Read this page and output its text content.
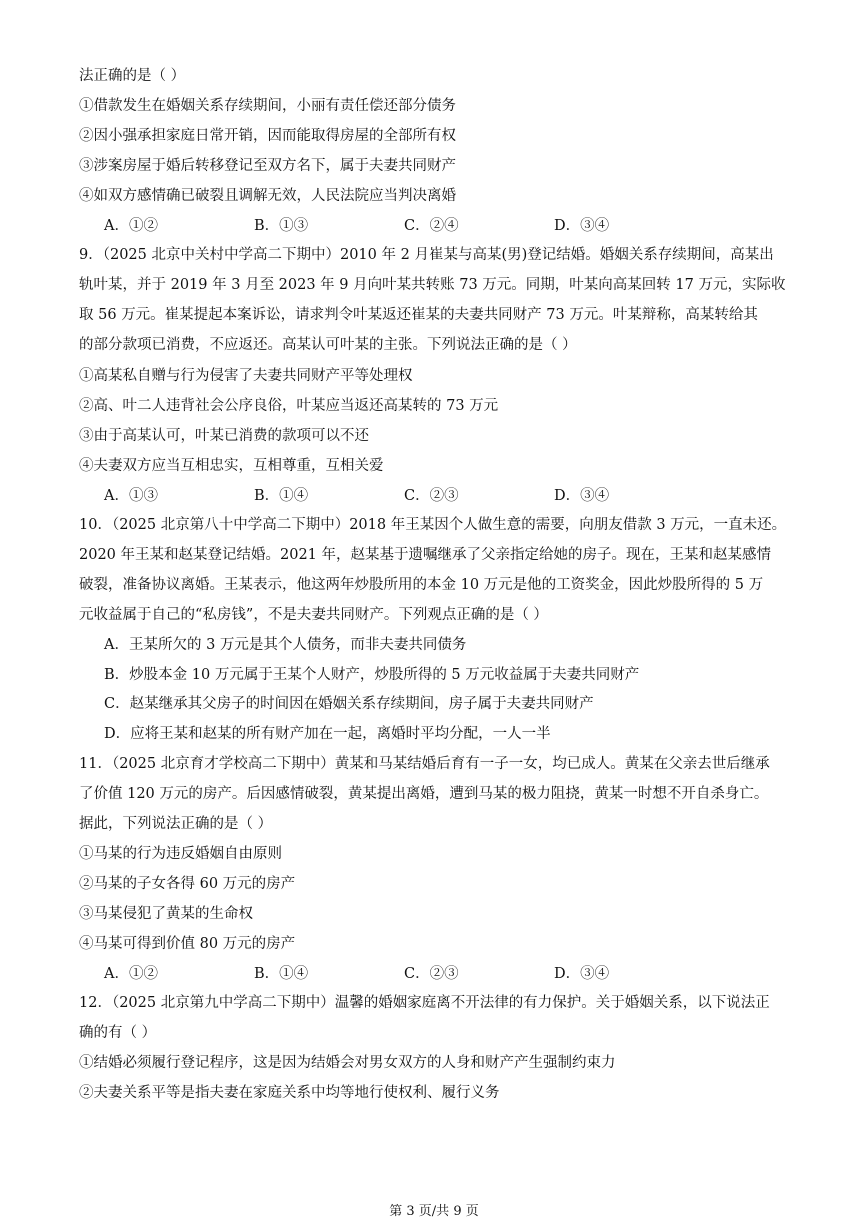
法正确的是（ ）
①借款发生在婚姻关系存续期间，小丽有责任偿还部分债务
②因小强承担家庭日常开销，因而能取得房屋的全部所有权
③涉案房屋于婚后转移登记至双方名下，属于夫妻共同财产
④如双方感情确已破裂且调解无效，人民法院应当判决离婚
A．①②	B．①③	C．②④	D．③④
9．（2025 北京中关村中学高二下期中）2010 年 2 月崔某与高某(男)登记结婚。婚姻关系存续期间，高某出
轨叶某，并于 2019 年 3 月至 2023 年 9 月向叶某共转账 73 万元。同期，叶某向高某回转 17 万元，实际收
取 56 万元。崔某提起本案诉讼，请求判令叶某返还崔某的夫妻共同财产 73 万元。叶某辩称，高某转给其
的部分款项已消费，不应返还。高某认可叶某的主张。下列说法正确的是（ ）
①高某私自赠与行为侵害了夫妻共同财产平等处理权
②高、叶二人违背社会公序良俗，叶某应当返还高某转的 73 万元
③由于高某认可，叶某已消费的款项可以不还
④夫妻双方应当互相忠实，互相尊重，互相关爱
A．①③	B．①④	C．②③	D．③④
10．（2025 北京第八十中学高二下期中）2018 年王某因个人做生意的需要，向朋友借款 3 万元，一直未还。
2020 年王某和赵某登记结婚。2021 年，赵某基于遗嘱继承了父亲指定给她的房子。现在，王某和赵某感情
破裂，准备协议离婚。王某表示，他这两年炒股所用的本金 10 万元是他的工资奖金，因此炒股所得的 5 万
元收益属于自己的“私房钱”，不是夫妻共同财产。下列观点正确的是（ ）
A．王某所欠的 3 万元是其个人债务，而非夫妻共同债务
B．炒股本金 10 万元属于王某个人财产，炒股所得的 5 万元收益属于夫妻共同财产
C．赵某继承其父房子的时间因在婚姻关系存续期间，房子属于夫妻共同财产
D．应将王某和赵某的所有财产加在一起，离婚时平均分配，一人一半
11．（2025 北京育才学校高二下期中）黄某和马某结婚后育有一子一女，均已成人。黄某在父亲去世后继承
了价值 120 万元的房产。后因感情破裂，黄某提出离婚，遭到马某的极力阻挠，黄某一时想不开自杀身亡。
据此，下列说法正确的是（ ）
①马某的行为违反婚姻自由原则
②马某的子女各得 60 万元的房产
③马某侵犯了黄某的生命权
④马某可得到价值 80 万元的房产
A．①②	B．①④	C．②③	D．③④
12．（2025 北京第九中学高二下期中）温馨的婚姻家庭离不开法律的有力保护。关于婚姻关系，以下说法正
确的有（ ）
①结婚必须履行登记程序，这是因为结婚会对男女双方的人身和财产产生强制约束力
②夫妻关系平等是指夫妻在家庭关系中均等地行使权利、履行义务
第 3 页/共 9 页
